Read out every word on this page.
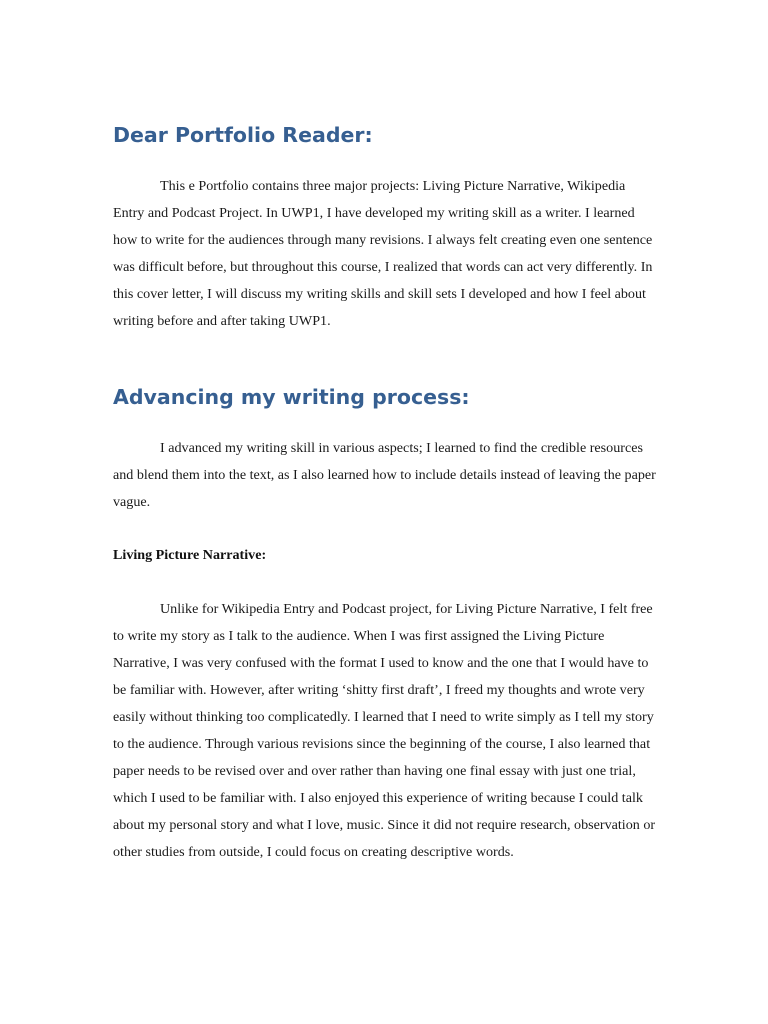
Dear Portfolio Reader:

This e Portfolio contains three major projects: Living Picture Narrative, Wikipedia Entry and Podcast Project. In UWP1, I have developed my writing skill as a writer. I learned how to write for the audiences through many revisions. I always felt creating even one sentence was difficult before, but throughout this course, I realized that words can act very differently. In this cover letter, I will discuss my writing skills and skill sets I developed and how I feel about writing before and after taking UWP1.

Advancing my writing process:

I advanced my writing skill in various aspects; I learned to find the credible resources and blend them into the text, as I also learned how to include details instead of leaving the paper vague.

Living Picture Narrative:

Unlike for Wikipedia Entry and Podcast project, for Living Picture Narrative, I felt free to write my story as I talk to the audience. When I was first assigned the Living Picture Narrative, I was very confused with the format I used to know and the one that I would have to be familiar with. However, after writing ‘shitty first draft’, I freed my thoughts and wrote very easily without thinking too complicatedly. I learned that I need to write simply as I tell my story to the audience. Through various revisions since the beginning of the course, I also learned that paper needs to be revised over and over rather than having one final essay with just one trial, which I used to be familiar with. I also enjoyed this experience of writing because I could talk about my personal story and what I love, music. Since it did not require research, observation or other studies from outside, I could focus on creating descriptive words.
